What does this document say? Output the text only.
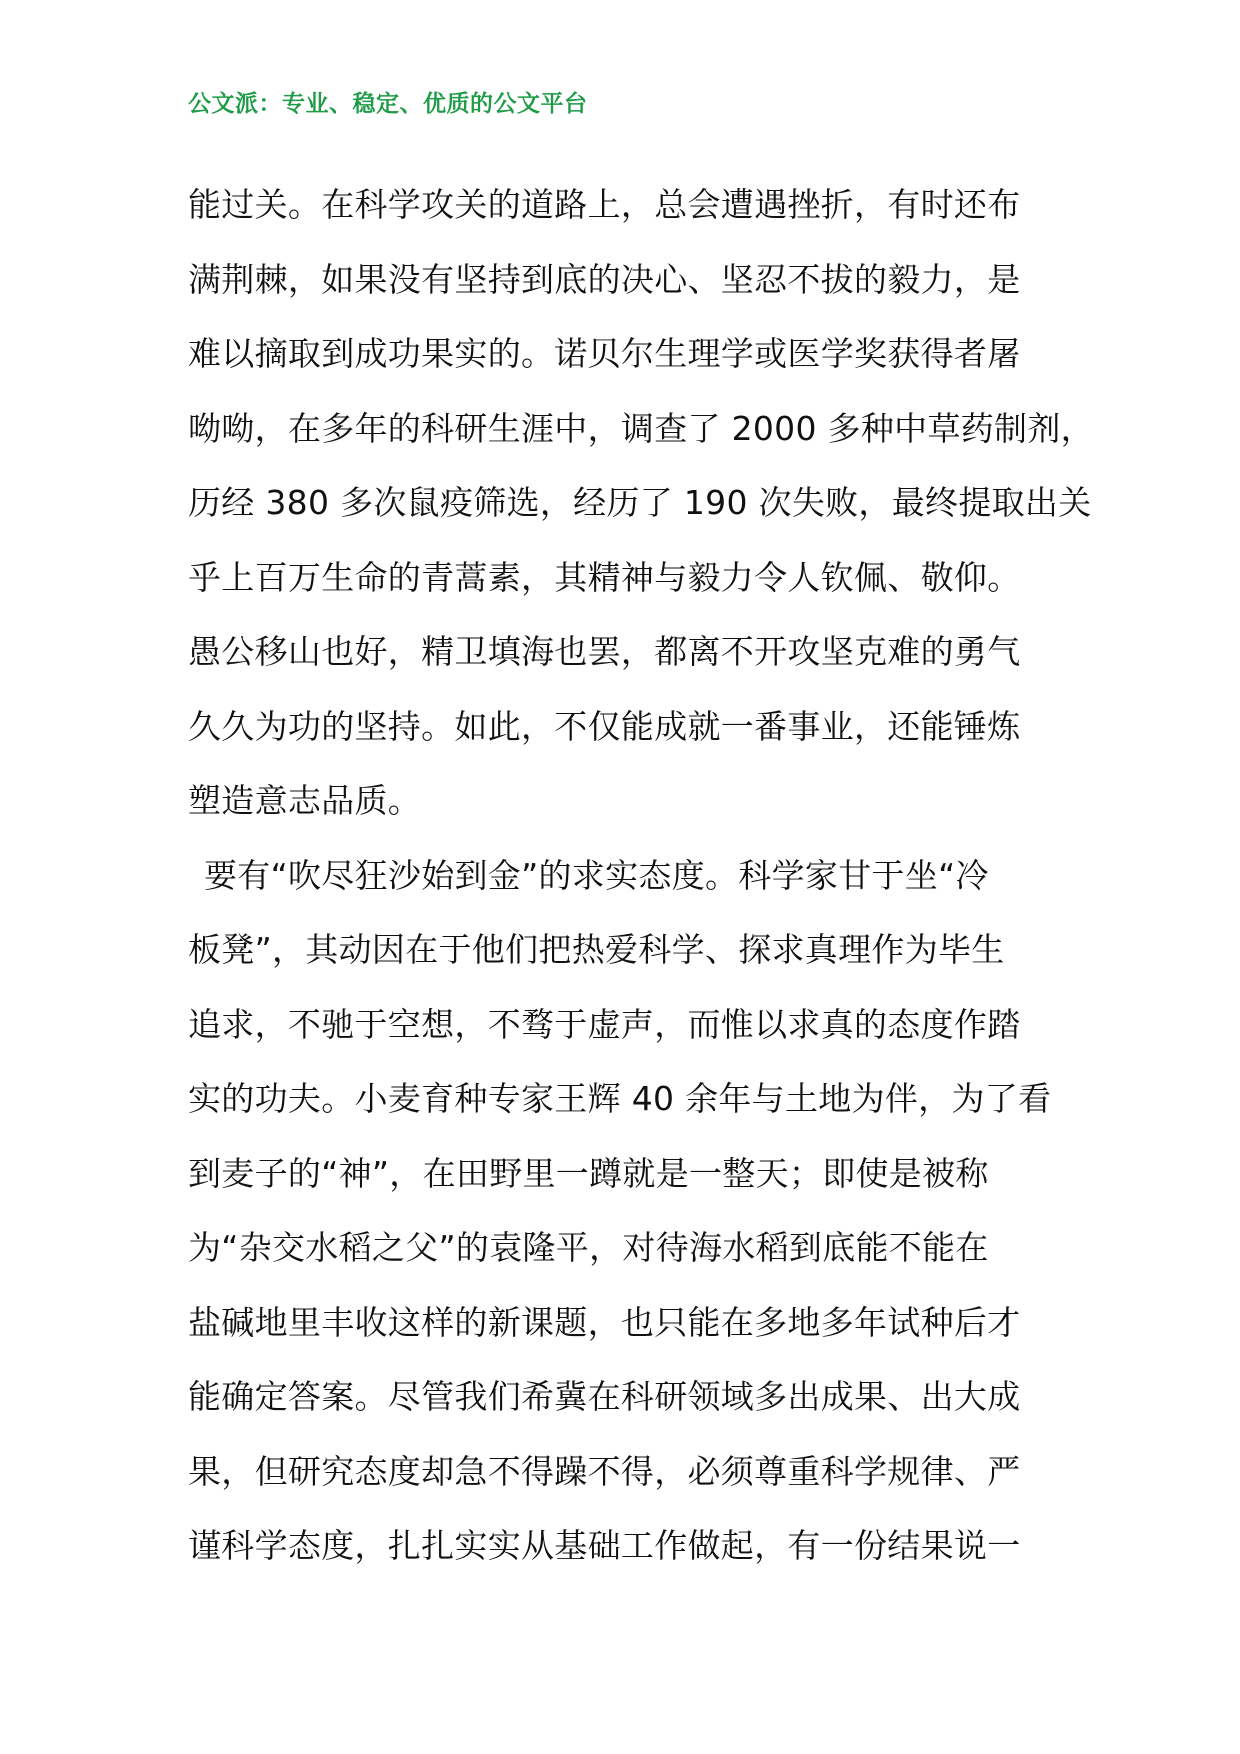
公文派：专业、稳定、优质的公文平台
能过关。在科学攻关的道路上，总会遭遇挫折，有时还布
满荆棘，如果没有坚持到底的决心、坚忍不拔的毅力，是
难以摘取到成功果实的。诺贝尔生理学或医学奖获得者屠
呦呦，在多年的科研生涯中，调查了 2000 多种中草药制剂，
历经 380 多次鼠疫筛选，经历了 190 次失败，最终提取出关
乎上百万生命的青蒿素，其精神与毅力令人钦佩、敬仰。
愚公移山也好，精卫填海也罢，都离不开攻坚克难的勇气
久久为功的坚持。如此，不仅能成就一番事业，还能锤炼
塑造意志品质。
要有“吹尽狂沙始到金”的求实态度。科学家甘于坐“冷
板凳”，其动因在于他们把热爱科学、探求真理作为毕生
追求，不驰于空想，不骛于虚声，而惟以求真的态度作踏
实的功夫。小麦育种专家王辉 40 余年与土地为伴，为了看
到麦子的“神”，在田野里一蹲就是一整天；即使是被称
为“杂交水稻之父”的袁隆平，对待海水稻到底能不能在
盐碱地里丰收这样的新课题，也只能在多地多年试种后才
能确定答案。尽管我们希冀在科研领域多出成果、出大成
果，但研究态度却急不得躁不得，必须尊重科学规律、严
谨科学态度，扎扎实实从基础工作做起，有一份结果说一
